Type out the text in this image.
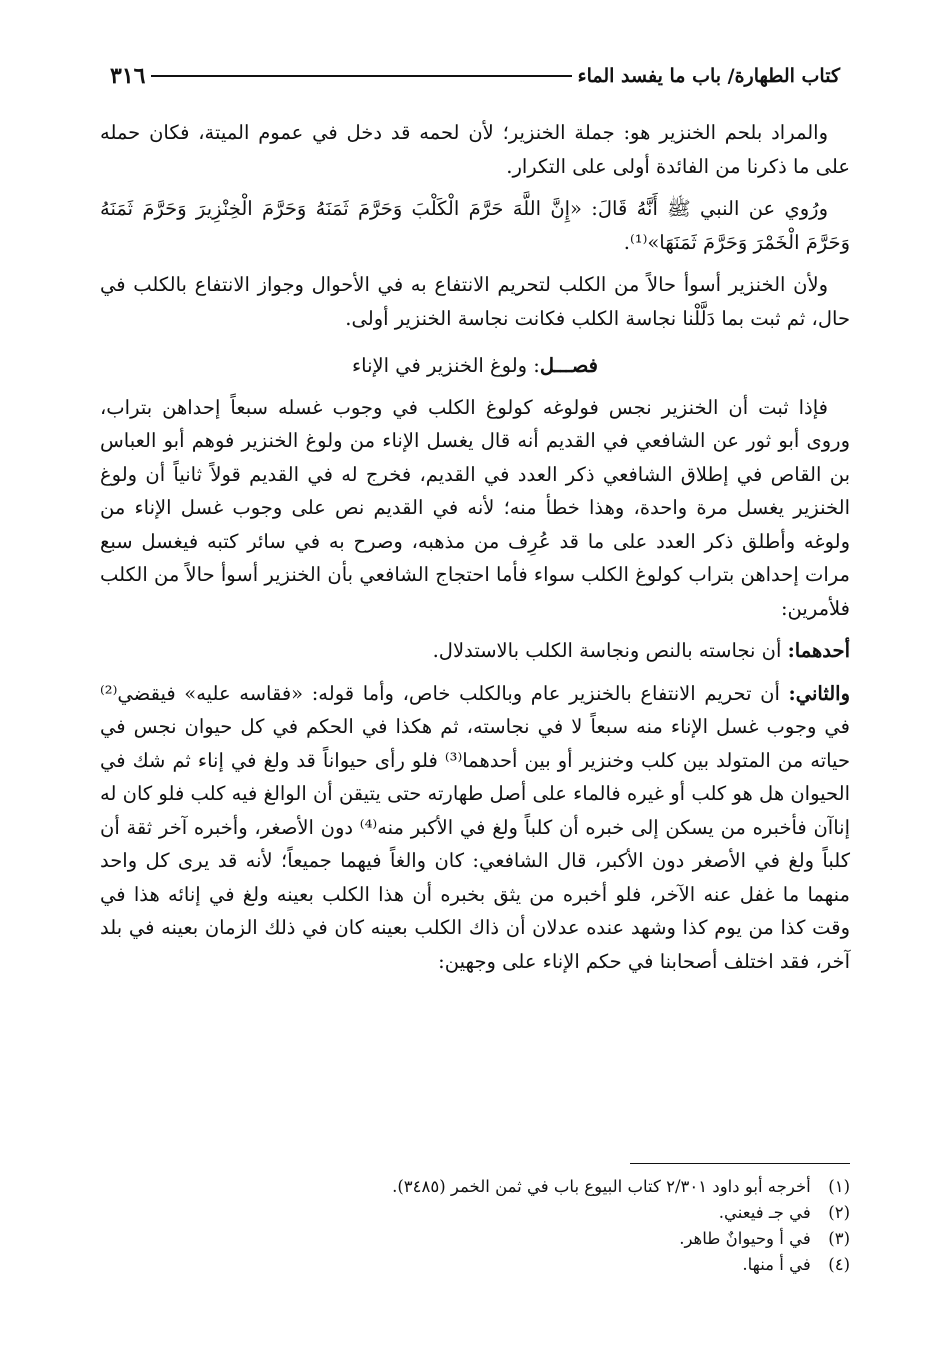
كتاب الطهارة/ باب ما يفسد الماء
٣١٦

والمراد بلحم الخنزير هو: جملة الخنزير؛ لأن لحمه قد دخل في عموم الميتة، فكان حمله على ما ذكرنا من الفائدة أولى على التكرار.

ورُوي عن النبي ﷺ أَنَّهُ قَالَ: «إِنَّ اللَّهَ حَرَّمَ الْكَلْبَ وَحَرَّمَ ثَمَنَهُ وَحَرَّمَ الْخِنْزِيرَ وَحَرَّمَ ثَمَنَهُ وَحَرَّمَ الْخَمْرَ وَحَرَّمَ ثَمَنَهَا»⁽¹⁾.

ولأن الخنزير أسوأ حالاً من الكلب لتحريم الانتفاع به في الأحوال وجواز الانتفاع بالكلب في حال، ثم ثبت بما دَلَّلْنا نجاسة الكلب فكانت نجاسة الخنزير أولى.

فصـــل: ولوغ الخنزير في الإناء

فإذا ثبت أن الخنزير نجس فولوغه كولوغ الكلب في وجوب غسله سبعاً إحداهن بتراب، وروى أبو ثور عن الشافعي في القديم أنه قال يغسل الإناء من ولوغ الخنزير فوهم أبو العباس بن القاص في إطلاق الشافعي ذكر العدد في القديم، فخرج له في القديم قولاً ثانياً أن ولوغ الخنزير يغسل مرة واحدة، وهذا خطأ منه؛ لأنه في القديم نص على وجوب غسل الإناء من ولوغه وأطلق ذكر العدد على ما قد عُرِف من مذهبه، وصرح به في سائر كتبه فيغسل سبع مرات إحداهن بتراب كولوغ الكلب سواء فأما احتجاج الشافعي بأن الخنزير أسوأ حالاً من الكلب فلأمرين:

أحدهما: أن نجاسته بالنص ونجاسة الكلب بالاستدلال.

والثاني: أن تحريم الانتفاع بالخنزير عام وبالكلب خاص، وأما قوله: «فقاسه عليه» فيقضي⁽²⁾ في وجوب غسل الإناء منه سبعاً لا في نجاسته، ثم هكذا في الحكم في كل حيوان نجس في حياته من المتولد بين كلب وخنزير أو بين أحدهما⁽³⁾ فلو رأى حيواناً قد ولغ في إناء ثم شك في الحيوان هل هو كلب أو غيره فالماء على أصل طهارته حتى يتيقن أن الوالغ فيه كلب فلو كان له إناآن فأخبره من يسكن إلى خبره أن كلباً ولغ في الأكبر منه⁽⁴⁾ دون الأصغر، وأخبره آخر ثقة أن كلباً ولغ في الأصغر دون الأكبر، قال الشافعي: كان والغاً فيهما جميعاً؛ لأنه قد يرى كل واحد منهما ما غفل عنه الآخر، فلو أخبره من يثق بخبره أن هذا الكلب بعينه ولغ في إنائه هذا في وقت كذا من يوم كذا وشهد عنده عدلان أن ذاك الكلب بعينه كان في ذلك الزمان بعينه في بلد آخر، فقد اختلف أصحابنا في حكم الإناء على وجهين:

(١) أخرجه أبو داود ٢/٣٠١ كتاب البيوع باب في ثمن الخمر (٣٤٨٥).
(٢) في جـ فيعني.
(٣) في أ وحيوانٌ طاهر.
(٤) في أ منها.
